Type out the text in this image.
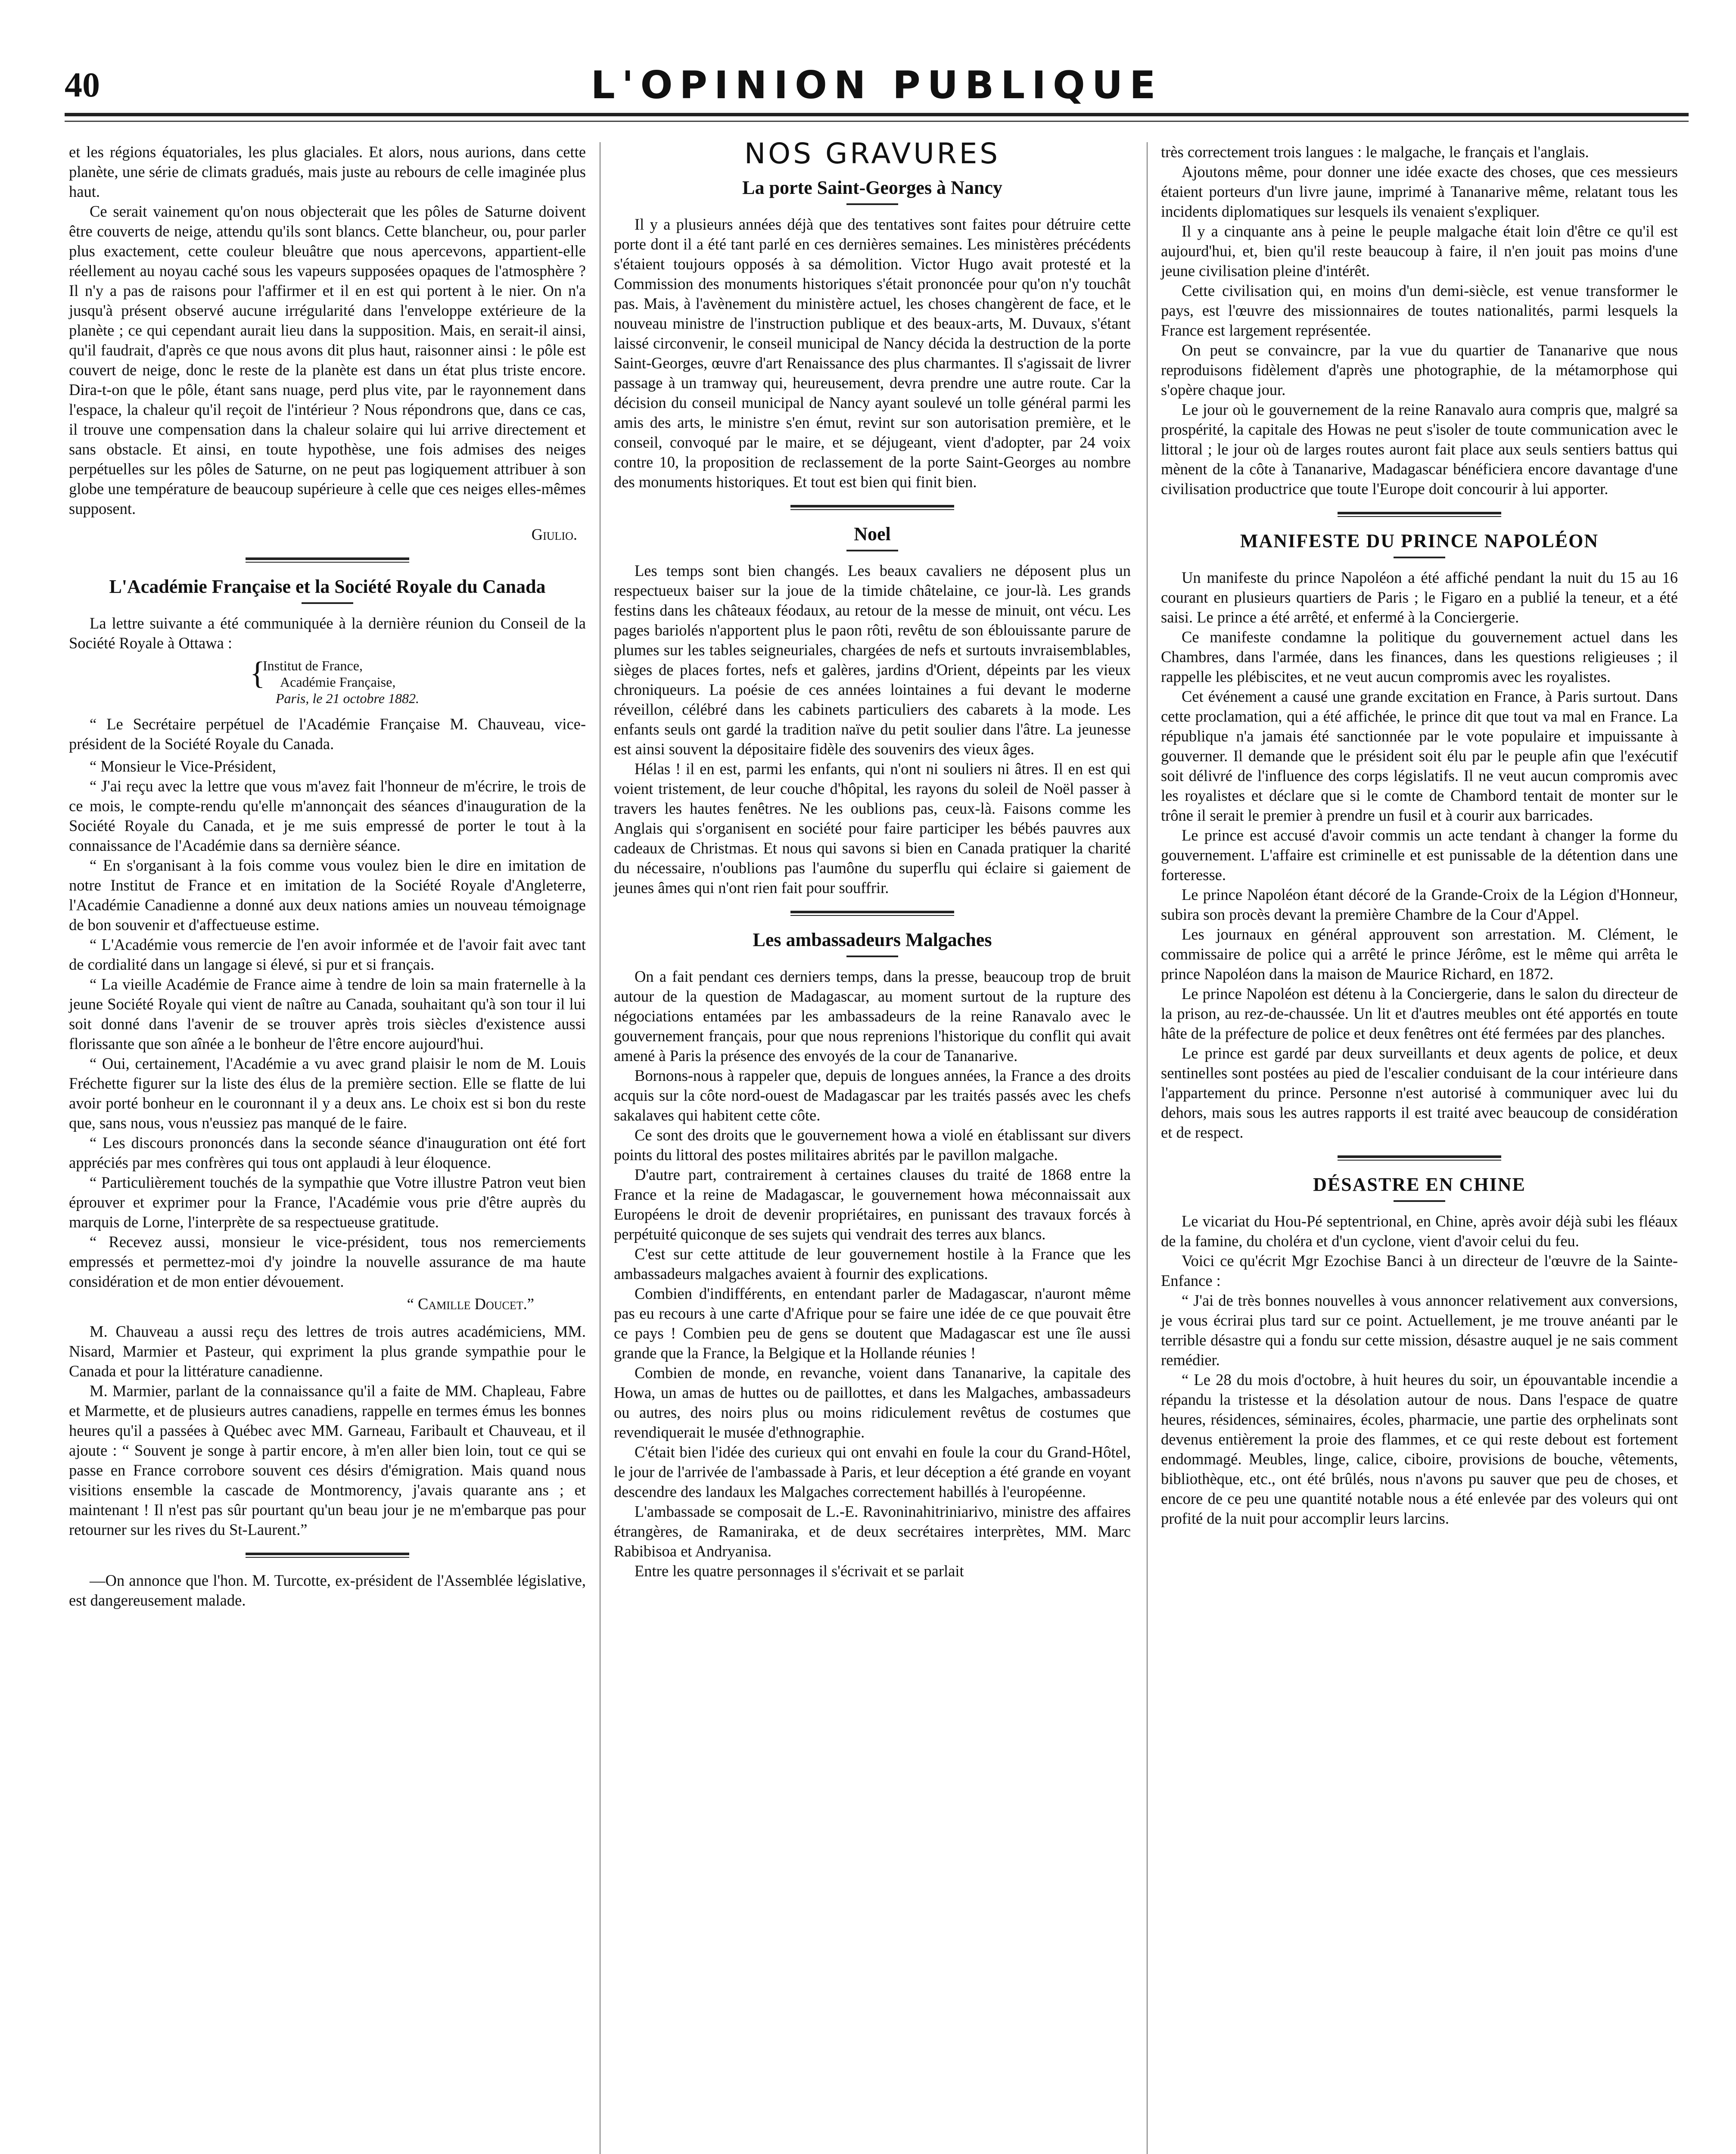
40	L'OPINION PUBLIQUE

et les régions équatoriales, les plus glaciales. Et alors, nous aurions, dans cette planète, une série de climats gradués, mais juste au rebours de celle imaginée plus haut.

Ce serait vainement qu'on nous objecterait que les pôles de Saturne doivent être couverts de neige, attendu qu'ils sont blancs. Cette blancheur, ou, pour parler plus exactement, cette couleur bleuâtre que nous apercevons, appartient-elle réellement au noyau caché sous les vapeurs supposées opaques de l'atmosphère ? Il n'y a pas de raisons pour l'affirmer et il en est qui portent à le nier. On n'a jusqu'à présent observé aucune irrégularité dans l'enveloppe extérieure de la planète ; ce qui cependant aurait lieu dans la supposition. Mais, en serait-il ainsi, qu'il faudrait, d'après ce que nous avons dit plus haut, raisonner ainsi : le pôle est couvert de neige, donc le reste de la planète est dans un état plus triste encore. Dira-t-on que le pôle, étant sans nuage, perd plus vite, par le rayonnement dans l'espace, la chaleur qu'il reçoit de l'intérieur ? Nous répondrons que, dans ce cas, il trouve une compensation dans la chaleur solaire qui lui arrive directement et sans obstacle. Et ainsi, en toute hypothèse, une fois admises des neiges perpétuelles sur les pôles de Saturne, on ne peut pas logiquement attribuer à son globe une température de beaucoup supérieure à celle que ces neiges elles-mêmes supposent.

Giulio.
L'Académie Française et la Société Royale du Canada

La lettre suivante a été communiquée à la dernière réunion du Conseil de la Société Royale à Ottawa :

{
Institut de France,
Académie Française,
Paris, le 21 octobre 1882.

“ Le Secrétaire perpétuel de l'Académie Française M. Chauveau, vice-président de la Société Royale du Canada.

“ Monsieur le Vice-Président,

“ J'ai reçu avec la lettre que vous m'avez fait l'honneur de m'écrire, le trois de ce mois, le compte-rendu qu'elle m'annonçait des séances d'inauguration de la Société Royale du Canada, et je me suis empressé de porter le tout à la connaissance de l'Académie dans sa dernière séance.

“ En s'organisant à la fois comme vous voulez bien le dire en imitation de notre Institut de France et en imitation de la Société Royale d'Angleterre, l'Académie Canadienne a donné aux deux nations amies un nouveau témoignage de bon souvenir et d'affectueuse estime.

“ L'Académie vous remercie de l'en avoir informée et de l'avoir fait avec tant de cordialité dans un langage si élevé, si pur et si français.

“ La vieille Académie de France aime à tendre de loin sa main fraternelle à la jeune Société Royale qui vient de naître au Canada, souhaitant qu'à son tour il lui soit donné dans l'avenir de se trouver après trois siècles d'existence aussi florissante que son aînée a le bonheur de l'être encore aujourd'hui.

“ Oui, certainement, l'Académie a vu avec grand plaisir le nom de M. Louis Fréchette figurer sur la liste des élus de la première section. Elle se flatte de lui avoir porté bonheur en le couronnant il y a deux ans. Le choix est si bon du reste que, sans nous, vous n'eussiez pas manqué de le faire.

“ Les discours prononcés dans la seconde séance d'inauguration ont été fort appréciés par mes confrères qui tous ont applaudi à leur éloquence.

“ Particulièrement touchés de la sympathie que Votre illustre Patron veut bien éprouver et exprimer pour la France, l'Académie vous prie d'être auprès du marquis de Lorne, l'interprète de sa respectueuse gratitude.

“ Recevez aussi, monsieur le vice-président, tous nos remerciements empressés et permettez-moi d'y joindre la nouvelle assurance de ma haute considération et de mon entier dévouement.

“ Camille Doucet.”

M. Chauveau a aussi reçu des lettres de trois autres académiciens, MM. Nisard, Marmier et Pasteur, qui expriment la plus grande sympathie pour le Canada et pour la littérature canadienne.

M. Marmier, parlant de la connaissance qu'il a faite de MM. Chapleau, Fabre et Marmette, et de plusieurs autres canadiens, rappelle en termes émus les bonnes heures qu'il a passées à Québec avec MM. Garneau, Faribault et Chauveau, et il ajoute : “ Souvent je songe à partir encore, à m'en aller bien loin, tout ce qui se passe en France corrobore souvent ces désirs d'émigration. Mais quand nous visitions ensemble la cascade de Montmorency, j'avais quarante ans ; et maintenant ! Il n'est pas sûr pourtant qu'un beau jour je ne m'embarque pas pour retourner sur les rives du St-Laurent.”

—On annonce que l'hon. M. Turcotte, ex-président de l'Assemblée législative, est dangereusement malade.

NOS GRAVURES
La porte Saint-Georges à Nancy

Il y a plusieurs années déjà que des tentatives sont faites pour détruire cette porte dont il a été tant parlé en ces dernières semaines. Les ministères précédents s'étaient toujours opposés à sa démolition. Victor Hugo avait protesté et la Commission des monuments historiques s'était prononcée pour qu'on n'y touchât pas. Mais, à l'avènement du ministère actuel, les choses changèrent de face, et le nouveau ministre de l'instruction publique et des beaux-arts, M. Duvaux, s'étant laissé circonvenir, le conseil municipal de Nancy décida la destruction de la porte Saint-Georges, œuvre d'art Renaissance des plus charmantes. Il s'agissait de livrer passage à un tramway qui, heureusement, devra prendre une autre route. Car la décision du conseil municipal de Nancy ayant soulevé un tolle général parmi les amis des arts, le ministre s'en émut, revint sur son autorisation première, et le conseil, convoqué par le maire, et se déjugeant, vient d'adopter, par 24 voix contre 10, la proposition de reclassement de la porte Saint-Georges au nombre des monuments historiques. Et tout est bien qui finit bien.

Noel

Les temps sont bien changés. Les beaux cavaliers ne déposent plus un respectueux baiser sur la joue de la timide châtelaine, ce jour-là. Les grands festins dans les châteaux féodaux, au retour de la messe de minuit, ont vécu. Les pages bariolés n'apportent plus le paon rôti, revêtu de son éblouissante parure de plumes sur les tables seigneuriales, chargées de nefs et surtouts invraisemblables, sièges de places fortes, nefs et galères, jardins d'Orient, dépeints par les vieux chroniqueurs. La poésie de ces années lointaines a fui devant le moderne réveillon, célébré dans les cabinets particuliers des cabarets à la mode. Les enfants seuls ont gardé la tradition naïve du petit soulier dans l'âtre. La jeunesse est ainsi souvent la dépositaire fidèle des souvenirs des vieux âges.

Hélas ! il en est, parmi les enfants, qui n'ont ni souliers ni âtres. Il en est qui voient tristement, de leur couche d'hôpital, les rayons du soleil de Noël passer à travers les hautes fenêtres. Ne les oublions pas, ceux-là. Faisons comme les Anglais qui s'organisent en société pour faire participer les bébés pauvres aux cadeaux de Christmas. Et nous qui savons si bien en Canada pratiquer la charité du nécessaire, n'oublions pas l'aumône du superflu qui éclaire si gaiement de jeunes âmes qui n'ont rien fait pour souffrir.

Les ambassadeurs Malgaches

On a fait pendant ces derniers temps, dans la presse, beaucoup trop de bruit autour de la question de Madagascar, au moment surtout de la rupture des négociations entamées par les ambassadeurs de la reine Ranavalo avec le gouvernement français, pour que nous reprenions l'historique du conflit qui avait amené à Paris la présence des envoyés de la cour de Tananarive.

Bornons-nous à rappeler que, depuis de longues années, la France a des droits acquis sur la côte nord-ouest de Madagascar par les traités passés avec les chefs sakalaves qui habitent cette côte.

Ce sont des droits que le gouvernement howa a violé en établissant sur divers points du littoral des postes militaires abrités par le pavillon malgache.

D'autre part, contrairement à certaines clauses du traité de 1868 entre la France et la reine de Madagascar, le gouvernement howa méconnaissait aux Européens le droit de devenir propriétaires, en punissant des travaux forcés à perpétuité quiconque de ses sujets qui vendrait des terres aux blancs.

C'est sur cette attitude de leur gouvernement hostile à la France que les ambassadeurs malgaches avaient à fournir des explications.

Combien d'indifférents, en entendant parler de Madagascar, n'auront même pas eu recours à une carte d'Afrique pour se faire une idée de ce que pouvait être ce pays ! Combien peu de gens se doutent que Madagascar est une île aussi grande que la France, la Belgique et la Hollande réunies !

Combien de monde, en revanche, voient dans Tananarive, la capitale des Howa, un amas de huttes ou de paillottes, et dans les Malgaches, ambassadeurs ou autres, des noirs plus ou moins ridiculement revêtus de costumes que revendiquerait le musée d'ethnographie.

C'était bien l'idée des curieux qui ont envahi en foule la cour du Grand-Hôtel, le jour de l'arrivée de l'ambassade à Paris, et leur déception a été grande en voyant descendre des landaux les Malgaches correctement habillés à l'européenne.

L'ambassade se composait de L.-E. Ravoninahitriniarivo, ministre des affaires étrangères, de Ramaniraka, et de deux secrétaires interprètes, MM. Marc Rabibisoa et Andryanisa.

Entre les quatre personnages il s'écrivait et se parlait

très correctement trois langues : le malgache, le français et l'anglais.

Ajoutons même, pour donner une idée exacte des choses, que ces messieurs étaient porteurs d'un livre jaune, imprimé à Tananarive même, relatant tous les incidents diplomatiques sur lesquels ils venaient s'expliquer.

Il y a cinquante ans à peine le peuple malgache était loin d'être ce qu'il est aujourd'hui, et, bien qu'il reste beaucoup à faire, il n'en jouit pas moins d'une jeune civilisation pleine d'intérêt.

Cette civilisation qui, en moins d'un demi-siècle, est venue transformer le pays, est l'œuvre des missionnaires de toutes nationalités, parmi lesquels la France est largement représentée.

On peut se convaincre, par la vue du quartier de Tananarive que nous reproduisons fidèlement d'après une photographie, de la métamorphose qui s'opère chaque jour.

Le jour où le gouvernement de la reine Ranavalo aura compris que, malgré sa prospérité, la capitale des Howas ne peut s'isoler de toute communication avec le littoral ; le jour où de larges routes auront fait place aux seuls sentiers battus qui mènent de la côte à Tananarive, Madagascar bénéficiera encore davantage d'une civilisation productrice que toute l'Europe doit concourir à lui apporter.

MANIFESTE DU PRINCE NAPOLÉON

Un manifeste du prince Napoléon a été affiché pendant la nuit du 15 au 16 courant en plusieurs quartiers de Paris ; le Figaro en a publié la teneur, et a été saisi. Le prince a été arrêté, et enfermé à la Conciergerie.

Ce manifeste condamne la politique du gouvernement actuel dans les Chambres, dans l'armée, dans les finances, dans les questions religieuses ; il rappelle les plébiscites, et ne veut aucun compromis avec les royalistes.

Cet événement a causé une grande excitation en France, à Paris surtout. Dans cette proclamation, qui a été affichée, le prince dit que tout va mal en France. La république n'a jamais été sanctionnée par le vote populaire et impuissante à gouverner. Il demande que le président soit élu par le peuple afin que l'exécutif soit délivré de l'influence des corps législatifs. Il ne veut aucun compromis avec les royalistes et déclare que si le comte de Chambord tentait de monter sur le trône il serait le premier à prendre un fusil et à courir aux barricades.

Le prince est accusé d'avoir commis un acte tendant à changer la forme du gouvernement. L'affaire est criminelle et est punissable de la détention dans une forteresse.

Le prince Napoléon étant décoré de la Grande-Croix de la Légion d'Honneur, subira son procès devant la première Chambre de la Cour d'Appel.

Les journaux en général approuvent son arrestation. M. Clément, le commissaire de police qui a arrêté le prince Jérôme, est le même qui arrêta le prince Napoléon dans la maison de Maurice Richard, en 1872.

Le prince Napoléon est détenu à la Conciergerie, dans le salon du directeur de la prison, au rez-de-chaussée. Un lit et d'autres meubles ont été apportés en toute hâte de la préfecture de police et deux fenêtres ont été fermées par des planches.

Le prince est gardé par deux surveillants et deux agents de police, et deux sentinelles sont postées au pied de l'escalier conduisant de la cour intérieure dans l'appartement du prince. Personne n'est autorisé à communiquer avec lui du dehors, mais sous les autres rapports il est traité avec beaucoup de considération et de respect.

DÉSASTRE EN CHINE

Le vicariat du Hou-Pé septentrional, en Chine, après avoir déjà subi les fléaux de la famine, du choléra et d'un cyclone, vient d'avoir celui du feu.

Voici ce qu'écrit Mgr Ezochise Banci à un directeur de l'œuvre de la Sainte-Enfance :

“ J'ai de très bonnes nouvelles à vous annoncer relativement aux conversions, je vous écrirai plus tard sur ce point. Actuellement, je me trouve anéanti par le terrible désastre qui a fondu sur cette mission, désastre auquel je ne sais comment remédier.

“ Le 28 du mois d'octobre, à huit heures du soir, un épouvantable incendie a répandu la tristesse et la désolation autour de nous. Dans l'espace de quatre heures, résidences, séminaires, écoles, pharmacie, une partie des orphelinats sont devenus entièrement la proie des flammes, et ce qui reste debout est fortement endommagé. Meubles, linge, calice, ciboire, provisions de bouche, vêtements, bibliothèque, etc., ont été brûlés, nous n'avons pu sauver que peu de choses, et encore de ce peu une quantité notable nous a été enlevée par des voleurs qui ont profité de la nuit pour accomplir leurs larcins.
